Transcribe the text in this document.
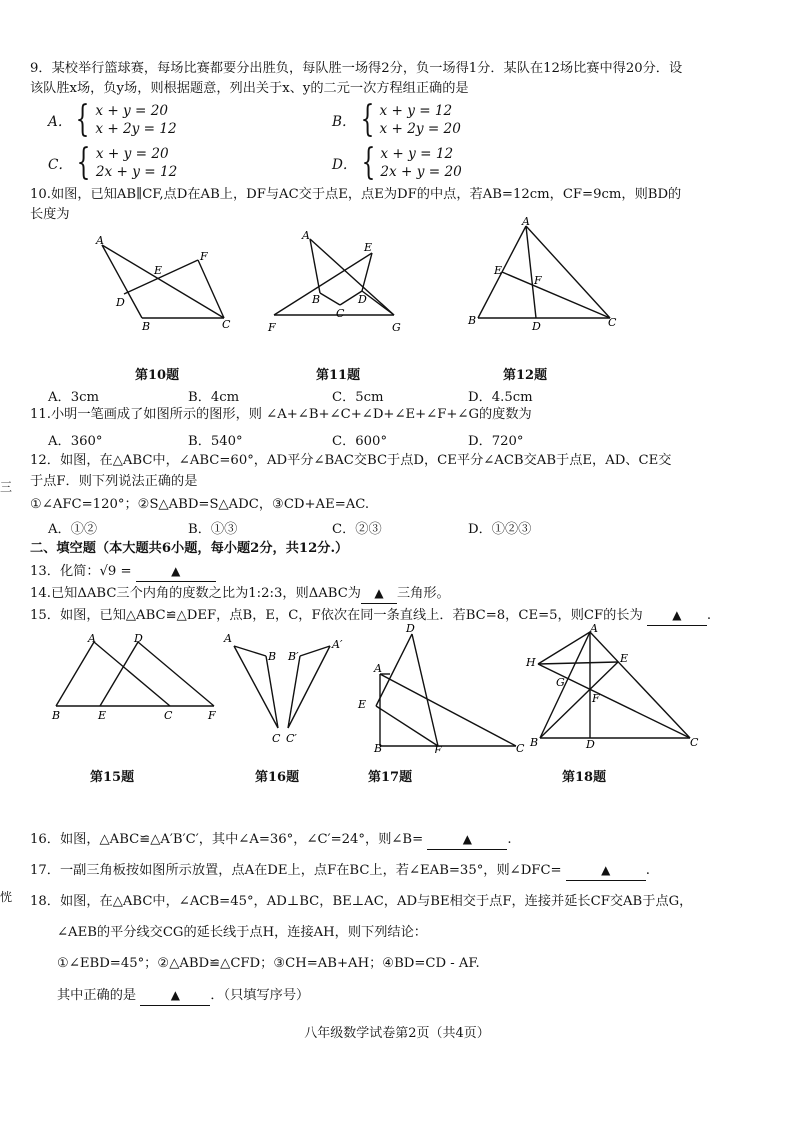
9．某校举行篮球赛，每场比赛都要分出胜负，每队胜一场得2分，负一场得1分．某队在12场比赛中得20分．设
该队胜x场，负y场，则根据题意，列出关于x、y的二元一次方程组正确的是
A． { x + y = 20
x + 2y = 12	B． { x + y = 12
x + 2y = 20
C． { x + y = 20
2x + y = 12	D． { x + y = 12
2x + y = 20
10.如图，已知AB∥CF,点D在AB上，DF与AC交于点E，点E为DF的中点，若AB=12cm，CF=9cm，则BD的
长度为
A
E
F
D
B	C
A
E
B
C
D
F	G
A
E
F
B	D	C
第10题	第11题	第12题
A．3cm	B．4cm	C．5cm	D．4.5cm
11.小明一笔画成了如图所示的图形，则 ∠A+∠B+∠C+∠D+∠E+∠F+∠G的度数为
A．360°	B．540°	C．600°	D．720°
12．如图，在△ABC中，∠ABC=60°，AD平分∠BAC交BC于点D，CE平分∠ACB交AB于点E，AD、CE交
于点F．则下列说法正确的是
①∠AFC=120°；②S△ABD=S△ADC，③CD+AE=AC.
A．①②	B．①③	C．②③	D．①②③
二、填空题（本大题共6小题，每小题2分，共12分.）
13．化简：√9 =	▲
14.已知ΔABC三个内角的度数之比为1:2:3，则ΔABC为 ▲ 三角形。
15．如图，已知△ABC≌△DEF，点B，E，C，F依次在同一条直线上．若BC=8，CE=5，则CF的长为 ▲ .
A	D
B	E	C	F
A
B
C
B′
A′
C′
D
A
E
B	F	C
A
H	E
G
F
B	D	C
第15题	第16题	第17题	第18题
16．如图，△ABC≌△A′B′C′，其中∠A=36°，∠C′=24°，则∠B=	▲	.
17．一副三角板按如图所示放置，点A在DE上，点F在BC上，若∠EAB=35°，则∠DFC=	▲	.
18．如图，在△ABC中，∠ACB=45°，AD⊥BC，BE⊥AC，AD与BE相交于点F，连接并延长CF交AB于点G，
∠AEB的平分线交CG的延长线于点H，连接AH，则下列结论：
①∠EBD=45°；②△ABD≌△CFD；③CH=AB+AH；④BD=CD - AF.
其中正确的是	▲ ．（只填写序号）
八年级数学试卷第2页（共4页）
三
恍
